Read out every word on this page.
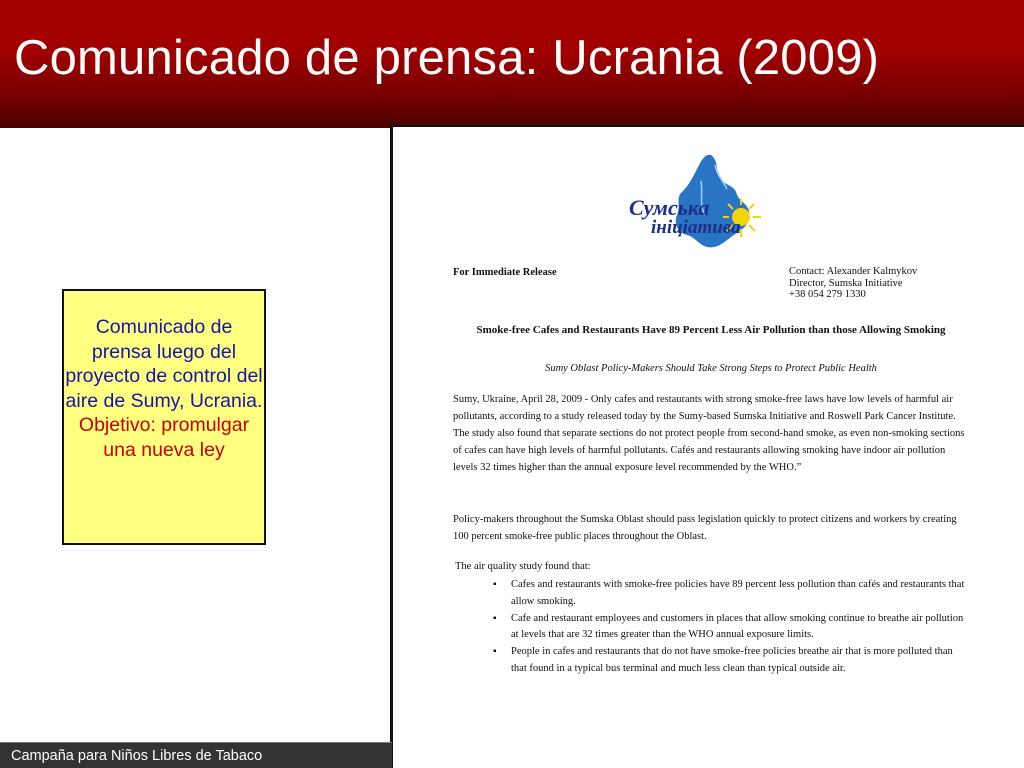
Comunicado de prensa: Ucrania (2009)
Comunicado de prensa luego del proyecto de control del aire de Sumy, Ucrania.
Objetivo: promulgar una nueva ley
Сумська
ініціатива
For Immediate Release	Contact: Alexander Kalmykov
Director, Sumska Initiative
+38 054 279 1330
Smoke-free Cafes and Restaurants Have 89 Percent Less Air Pollution than those Allowing Smoking
Sumy Oblast Policy-Makers Should Take Strong Steps to Protect Public Health
Sumy, Ukraine, April 28, 2009 - Only cafes and restaurants with strong smoke-free laws have low levels of harmful air pollutants, according to a study released today by the Sumy-based Sumska Initiative and Roswell Park Cancer Institute. The study also found that separate sections do not protect people from second-hand smoke, as even non-smoking sections of cafes can have high levels of harmful pollutants. Cafés and restaurants allowing smoking have indoor air pollution levels 32 times higher than the annual exposure level recommended by the WHO.”
Policy-makers throughout the Sumska Oblast should pass legislation quickly to protect citizens and workers by creating 100 percent smoke-free public places throughout the Oblast.
The air quality study found that:
▪ Cafes and restaurants with smoke-free policies have 89 percent less pollution than cafés and restaurants that allow smoking.
▪ Cafe and restaurant employees and customers in places that allow smoking continue to breathe air pollution at levels that are 32 times greater than the WHO annual exposure limits.
▪ People in cafes and restaurants that do not have smoke-free policies breathe air that is more polluted than that found in a typical bus terminal and much less clean than typical outside air.
Campaña para Niños Libres de Tabaco
